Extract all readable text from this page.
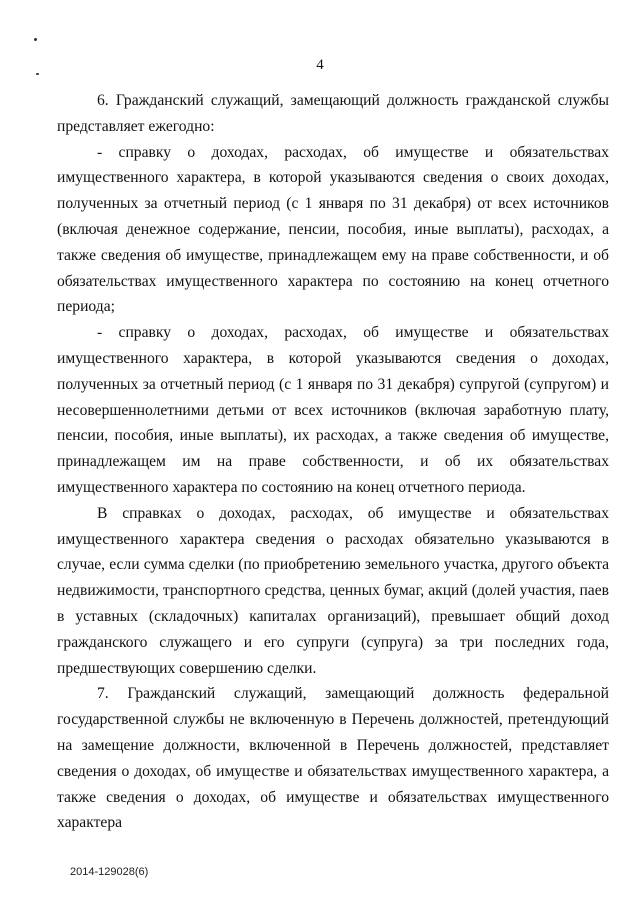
4

6. Гражданский служащий, замещающий должность гражданской службы представляет ежегодно:

- справку о доходах, расходах, об имуществе и обязательствах имущественного характера, в которой указываются сведения о своих доходах, полученных за отчетный период (с 1 января по 31 декабря) от всех источников (включая денежное содержание, пенсии, пособия, иные выплаты), расходах, а также сведения об имуществе, принадлежащем ему на праве собственности, и об обязательствах имущественного характера по состоянию на конец отчетного периода;

- справку о доходах, расходах, об имуществе и обязательствах имущественного характера, в которой указываются сведения о доходах, полученных за отчетный период (с 1 января по 31 декабря) супругой (супругом) и несовершеннолетними детьми от всех источников (включая заработную плату, пенсии, пособия, иные выплаты), их расходах, а также сведения об имуществе, принадлежащем им на праве собственности, и об их обязательствах имущественного характера по состоянию на конец отчетного периода.

В справках о доходах, расходах, об имуществе и обязательствах имущественного характера сведения о расходах обязательно указываются в случае, если сумма сделки (по приобретению земельного участка, другого объекта недвижимости, транспортного средства, ценных бумаг, акций (долей участия, паев в уставных (складочных) капиталах организаций), превышает общий доход гражданского служащего и его супруги (супруга) за три последних года, предшествующих совершению сделки.

7. Гражданский служащий, замещающий должность федеральной государственной службы не включенную в Перечень должностей, претендующий на замещение должности, включенной в Перечень должностей, представляет сведения о доходах, об имуществе и обязательствах имущественного характера, а также сведения о доходах, об имуществе и обязательствах имущественного характера

2014-129028(6)
